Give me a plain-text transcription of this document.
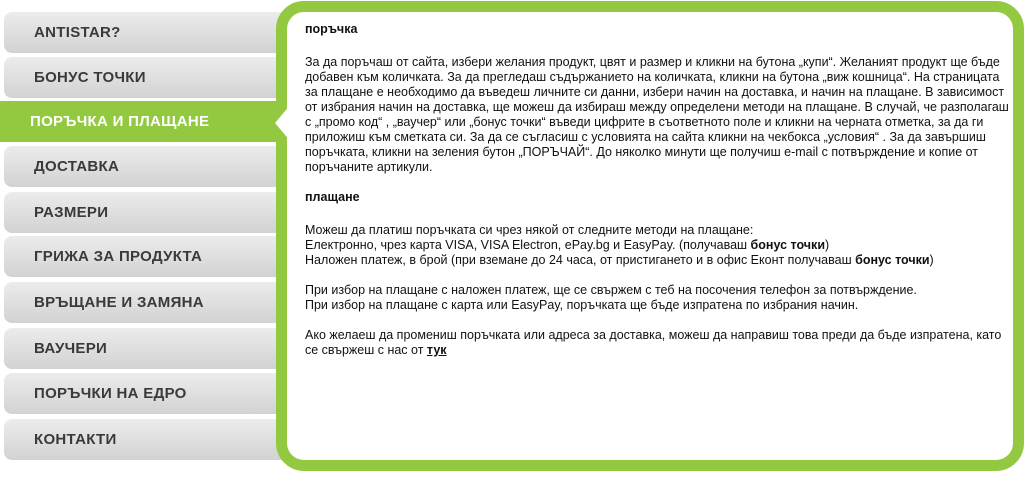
ANTISTAR?
БОНУС ТОЧКИ
ПОРЪЧКА И ПЛАЩАНЕ
ДОСТАВКА
РАЗМЕРИ
ГРИЖА ЗА ПРОДУКТА
ВРЪЩАНЕ И ЗАМЯНА
ВАУЧЕРИ
ПОРЪЧКИ НА ЕДРО
КОНТАКТИ
поръчка

За да поръчаш от сайта, избери желания продукт, цвят и размер и кликни на бутона „купи“. Желаният продукт ще бъде добавен към количката. За да прегледаш съдържанието на количката, кликни на бутона „виж кошница“. На страницата за плащане е необходимо да въведеш личните си данни, избери начин на доставка, и начин на плащане. В зависимост от избрания начин на доставка, ще можеш да избираш между определени методи на плащане. В случай, че разполагаш с „промо код“ , „ваучер“ или „бонус точки“ въведи цифрите в съответното поле и кликни на черната отметка, за да ги приложиш към сметката си. За да се съгласиш с условията на сайта кликни на чекбокса „условия“ . За да завършиш поръчката, кликни на зеления бутон „ПОРЪЧАЙ“. До няколко минути ще получиш e-mail с потвърждение и копие от поръчаните артикули.

плащане

Можеш да платиш поръчката си чрез някой от следните методи на плащане:
Електронно, чрез карта VISA, VISA Electron, ePay.bg и EasyPay. (получаваш бонус точки)
Наложен платеж, в брой (при вземане до 24 часа, от пристигането и в офис Еконт получаваш бонус точки)

При избор на плащане с наложен платеж, ще се свържем с теб на посочения телефон за потвърждение.
При избор на плащане с карта или EasyPay, поръчката ще бъде изпратена по избрания начин.

Ако желаеш да промениш поръчката или адреса за доставка, можеш да направиш това преди да бъде изпратена, като се свържеш с нас от тук
